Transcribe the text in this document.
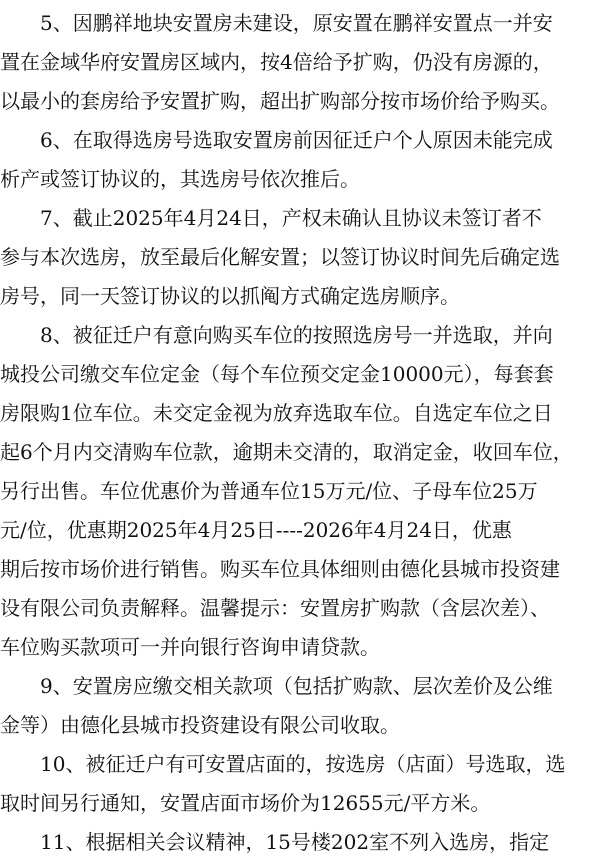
　　5、因鹏祥地块安置房未建设，原安置在鹏祥安置点一并安
置在金域华府安置房区域内，按4倍给予扩购，仍没有房源的，
以最小的套房给予安置扩购，超出扩购部分按市场价给予购买。
　　6、在取得选房号选取安置房前因征迁户个人原因未能完成
析产或签订协议的，其选房号依次推后。
　　7、截止2025年4月24日，产权未确认且协议未签订者不
参与本次选房，放至最后化解安置；以签订协议时间先后确定选
房号，同一天签订协议的以抓阄方式确定选房顺序。
　　8、被征迁户有意向购买车位的按照选房号一并选取，并向
城投公司缴交车位定金（每个车位预交定金10000元），每套套
房限购1位车位。未交定金视为放弃选取车位。自选定车位之日
起6个月内交清购车位款，逾期未交清的，取消定金，收回车位，
另行出售。车位优惠价为普通车位15万元/位、子母车位25万
元/位，优惠期2025年4月25日----2026年4月24日，优惠
期后按市场价进行销售。购买车位具体细则由德化县城市投资建
设有限公司负责解释。温馨提示：安置房扩购款（含层次差）、
车位购买款项可一并向银行咨询申请贷款。
　　9、安置房应缴交相关款项（包括扩购款、层次差价及公维
金等）由德化县城市投资建设有限公司收取。
　　10、被征迁户有可安置店面的，按选房（店面）号选取，选
取时间另行通知，安置店面市场价为12655元/平方米。
　　11、根据相关会议精神，15号楼202室不列入选房，指定
